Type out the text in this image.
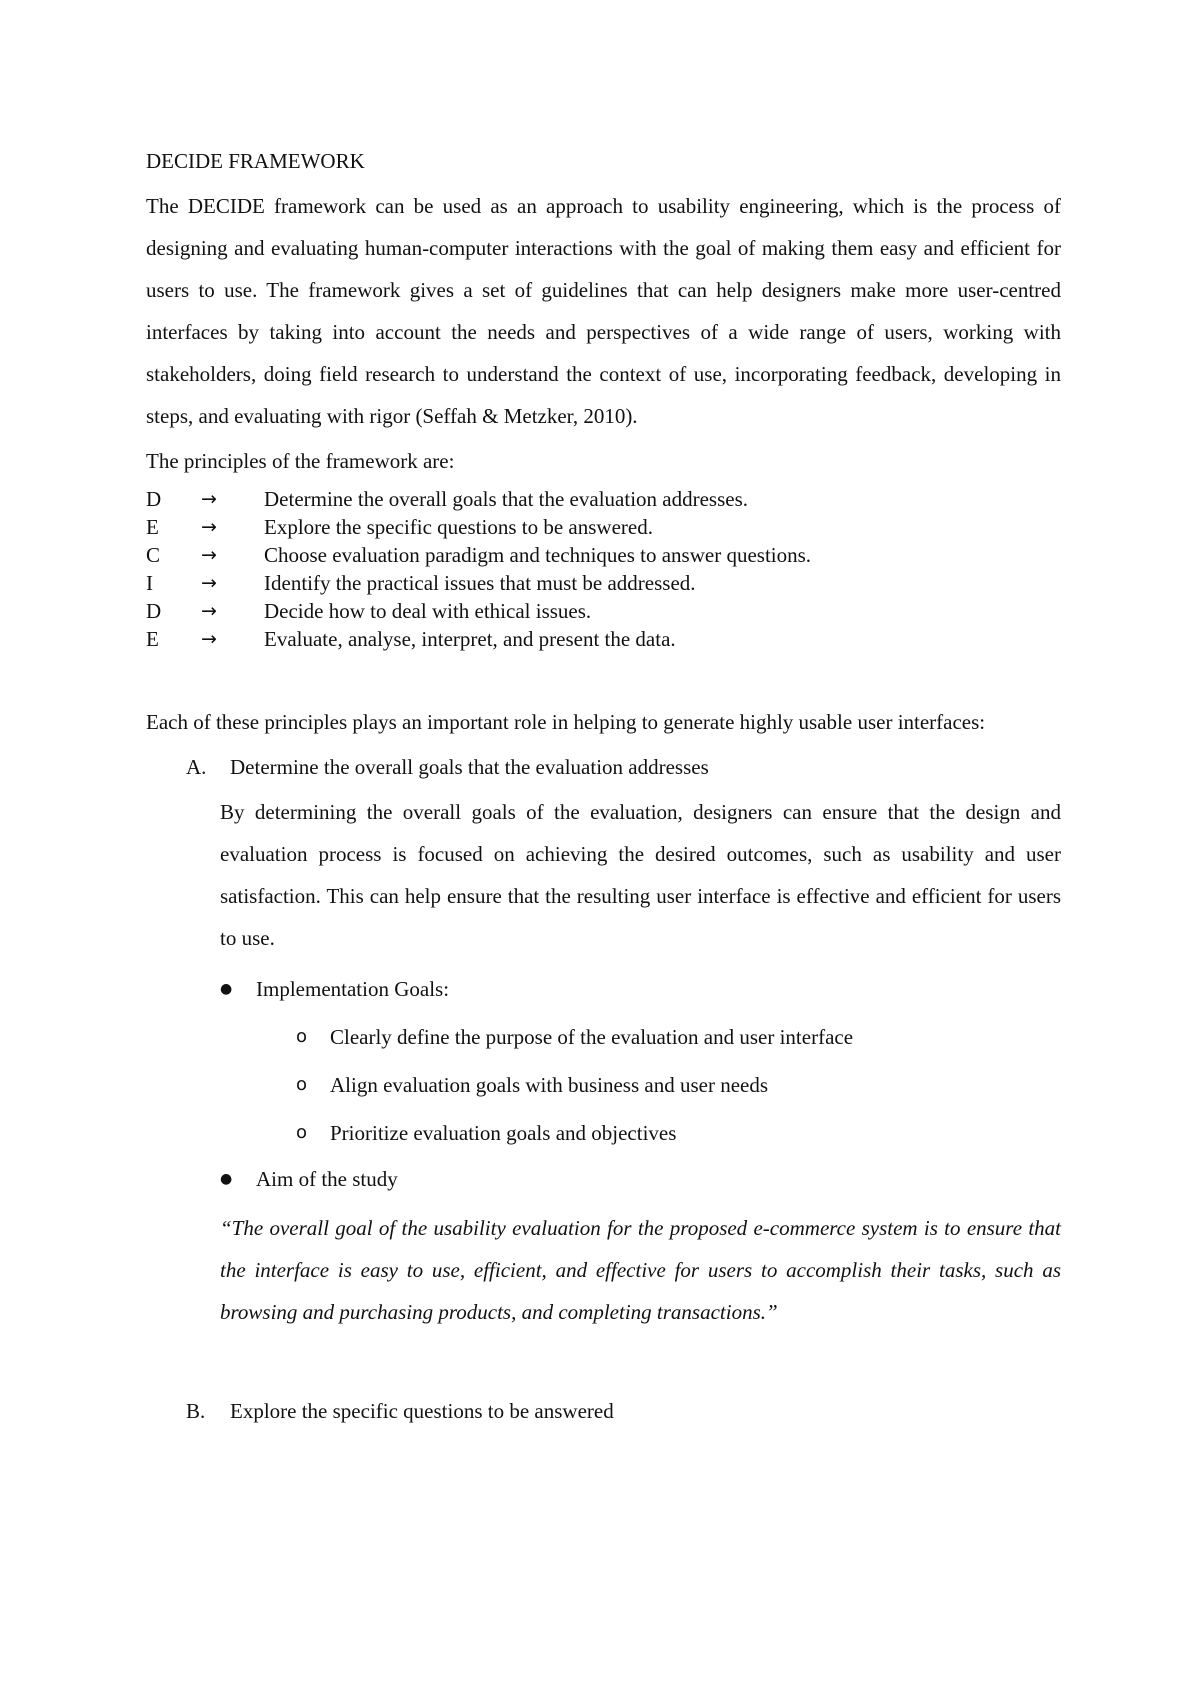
DECIDE FRAMEWORK

The DECIDE framework can be used as an approach to usability engineering, which is the process of designing and evaluating human-computer interactions with the goal of making them easy and efficient for users to use. The framework gives a set of guidelines that can help designers make more user-centred interfaces by taking into account the needs and perspectives of a wide range of users, working with stakeholders, doing field research to understand the context of use, incorporating feedback, developing in steps, and evaluating with rigor (Seffah & Metzker, 2010).

The principles of the framework are:

D	→	Determine the overall goals that the evaluation addresses.
E	→	Explore the specific questions to be answered.
C	→	Choose evaluation paradigm and techniques to answer questions.
I	→	Identify the practical issues that must be addressed.
D	→	Decide how to deal with ethical issues.
E	→	Evaluate, analyse, interpret, and present the data.

Each of these principles plays an important role in helping to generate highly usable user interfaces:

A.	Determine the overall goals that the evaluation addresses

By determining the overall goals of the evaluation, designers can ensure that the design and evaluation process is focused on achieving the desired outcomes, such as usability and user satisfaction. This can help ensure that the resulting user interface is effective and efficient for users to use.

●	Implementation Goals:
o	Clearly define the purpose of the evaluation and user interface
o	Align evaluation goals with business and user needs
o	Prioritize evaluation goals and objectives
●	Aim of the study

“The overall goal of the usability evaluation for the proposed e-commerce system is to ensure that the interface is easy to use, efficient, and effective for users to accomplish their tasks, such as browsing and purchasing products, and completing transactions.”

B.	Explore the specific questions to be answered
